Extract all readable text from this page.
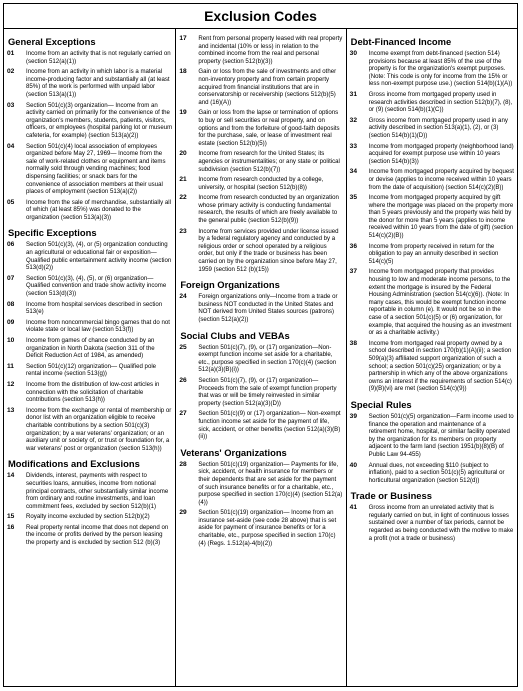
Exclusion Codes
General Exceptions
01	Income from an activity that is not regularly carried on (section 512(a)(1))
02	Income from an activity in which labor is a material income-producing factor and substantially all (at least 85%) of the work is performed with unpaid labor (section 513(a)(1))
03	Section 501(c)(3) organization— Income from an activity carried on primarily for the convenience of the organization's members, students, patients, visitors, officers, or employees (hospital parking lot or museum cafeteria, for example) (section 513(a)(2))
04	Section 501(c)(4) local association of employees organized before May 27, 1969— Income from the sale of work-related clothes or equipment and items normally sold through vending machines; food dispensing facilities; or snack bars for the convenience of association members at their usual places of employment (section 513(a)(2))
05	Income from the sale of merchandise, substantially all of which (at least 85%) was donated to the organization (section 513(a)(3))
Specific Exceptions
06	Section 501(c)(3), (4), or (5) organization conducting an agricultural or educational fair or exposition— Qualified public entertainment activity income (section 513(d)(2))
07	Section 501(c)(3), (4), (5), or (6) organization—Qualified convention and trade show activity income (section 513(d)(3))
08	Income from hospital services described in section 513(e)
09	Income from noncommercial bingo games that do not violate state or local law (section 513(f))
10	Income from games of chance conducted by an organization in North Dakota (section 311 of the Deficit Reduction Act of 1984, as amended)
11	Section 501(c)(12) organization— Qualified pole rental income (section 513(g))
12	Income from the distribution of low-cost articles in connection with the solicitation of charitable contributions (section 513(h))
13	Income from the exchange or rental of membership or donor list with an organization eligible to receive charitable contributions by a section 501(c)(3) organization; by a war veterans' organization; or an auxiliary unit or society of, or trust or foundation for, a war veterans' post or organization (section 513(h))
Modifications and Exclusions
14	Dividends, interest, payments with respect to securities loans, annuities, income from notional principal contracts, other substantially similar income from ordinary and routine investments, and loan commitment fees, excluded by section 512(b)(1)
15	Royalty income excluded by section 512(b)(2)
16	Real property rental income that does not depend on the income or profits derived by the person leasing the property and is excluded by section 512 (b)(3)
17	Rent from personal property leased with real property and incidental (10% or less) in relation to the combined income from the real and personal property (section 512(b)(3))
18	Gain or loss from the sale of investments and other non-inventory property and from certain property acquired from financial institutions that are in conservatorship or receivership (sections 512(b)(5) and (16)(A))
19	Gain or loss from the lapse or termination of options to buy or sell securities or real property, and on options and from the forfeiture of good-faith deposits for the purchase, sale, or lease of investment real estate (section 512(b)(5))
20	Income from research for the United States; its agencies or instrumentalities; or any state or political subdivision (section 512(b)(7))
21	Income from research conducted by a college, university, or hospital (section 512(b)(8))
22	Income from research conducted by an organization whose primary activity is conducting fundamental research, the results of which are freely available to the general public (section 512(b)(9))
23	Income from services provided under license issued by a federal regulatory agency and conducted by a religious order or school operated by a religious order, but only if the trade or business has been carried on by the organization since before May 27, 1959 (section 512 (b)(15))
Foreign Organizations
24	Foreign organizations only—Income from a trade or business NOT conducted in the United States and NOT derived from United States sources (patrons) (section 512(a)(2))
Social Clubs and VEBAs
25	Section 501(c)(7), (9), or (17) organization—Non-exempt function income set aside for a charitable, etc., purpose specified in section 170(c)(4) (section 512(a)(3)(B)(i))
26	Section 501(c)(7), (9), or (17) organization—Proceeds from the sale of exempt function property that was or will be timely reinvested in similar property (section 512(a)(3)(D))
27	Section 501(c)(9) or (17) organization— Non-exempt function income set aside for the payment of life, sick, accident, or other benefits (section 512(a)(3)(B)(ii))
Veterans' Organizations
28	Section 501(c)(19) organization— Payments for life, sick, accident, or health insurance for members or their dependents that are set aside for the payment of such insurance benefits or for a charitable, etc., purpose specified in section 170(c)(4) (section 512(a)(4))
29	Section 501(c)(19) organization— Income from an insurance set-aside (see code 28 above) that is set aside for payment of insurance benefits or for a charitable, etc., purpose specified in section 170(c)(4) (Regs. 1.512(a)-4(b)(2))
Debt-Financed Income
30	Income exempt from debt-financed (section 514) provisions because at least 85% of the use of the property is for the organization's exempt purposes. (Note: This code is only for income from the 15% or less non-exempt purpose use.) (section 514(b)(1)(A))
31	Gross income from mortgaged property used in research activities described in section 512(b)(7), (8), or (9) (section 514(b)(1)(C))
32	Gross income from mortgaged property used in any activity described in section 513(a)(1), (2), or (3) (section 514(b)(1)(D))
33	Income from mortgaged property (neighborhood land) acquired for exempt purpose use within 10 years (section 514(b)(3))
34	Income from mortgaged property acquired by bequest or devise (applies to income received within 10 years from the date of acquisition) (section 514(c)(2)(B))
35	Income from mortgaged property acquired by gift where the mortgage was placed on the property more than 5 years previously and the property was held by the donor for more than 5 years (applies to income received within 10 years from the date of gift) (section 514(c)(2)(B))
36	Income from property received in return for the obligation to pay an annuity described in section 514(c)(5)
37	Income from mortgaged property that provides housing to low and moderate income persons, to the extent the mortgage is insured by the Federal Housing Administration (section 514(c)(6)). (Note: In many cases, this would be exempt function income reportable in column (e). It would not be so in the case of a section 501(c)(5) or (6) organization, for example, that acquired the housing as an investment or as a charitable activity.)
38	Income from mortgaged real property owned by a school described in section 170(b)(1)(A)(ii); a section 509(a)(3) affiliated support organization of such a school; a section 501(c)(25) organization; or by a partnership in which any of the above organizations owns an interest if the requirements of section 514(c)(9)(B)(vi) are met (section 514(c)(9))
Special Rules
39	Section 501(c)(5) organization—Farm income used to finance the operation and maintenance of a retirement home, hospital, or similar facility operated by the organization for its members on property adjacent to the farm land (section 1951(b)(8)(B) of Public Law 94-455)
40	Annual dues, not exceeding $110 (subject to inflation), paid to a section 501(c)(5) agricultural or horticultural organization (section 512(d))
Trade or Business
41	Gross income from an unrelated activity that is regularly carried on but, in light of continuous losses sustained over a number of tax periods, cannot be regarded as being conducted with the motive to make a profit (not a trade or business)
